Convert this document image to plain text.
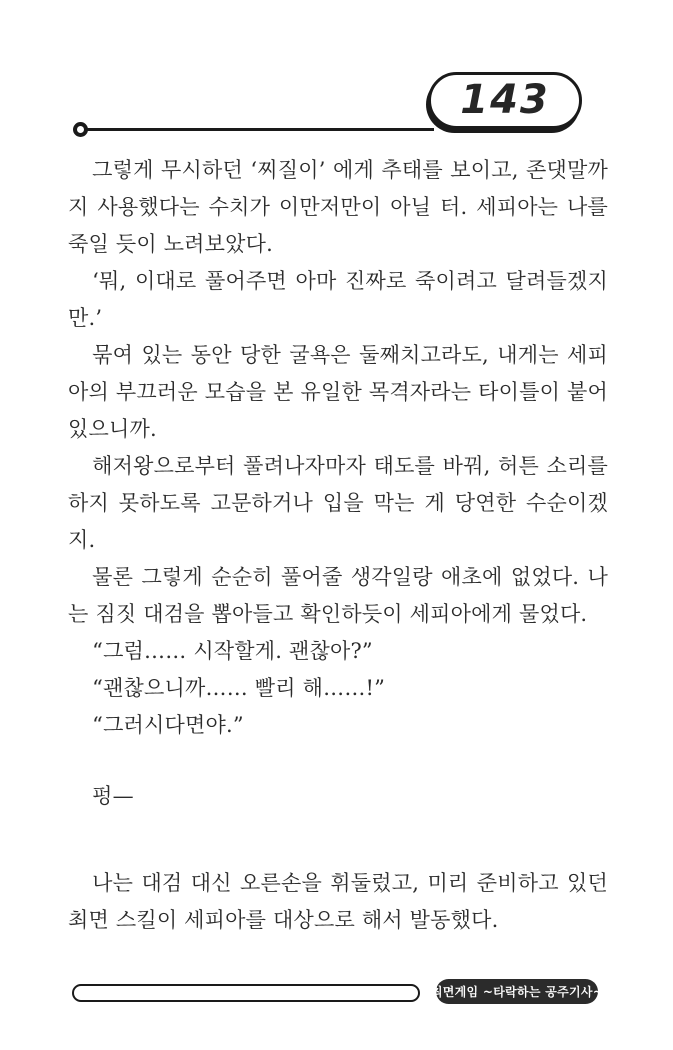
143

그렇게 무시하던 ‘찌질이’ 에게 추태를 보이고, 존댓말까지 사용했다는 수치가 이만저만이 아닐 터. 세피아는 나를 죽일 듯이 노려보았다.

‘뭐, 이대로 풀어주면 아마 진짜로 죽이려고 달려들겠지만.’

묶여 있는 동안 당한 굴욕은 둘째치고라도, 내게는 세피아의 부끄러운 모습을 본 유일한 목격자라는 타이틀이 붙어 있으니까.

해저왕으로부터 풀려나자마자 태도를 바꿔, 허튼 소리를 하지 못하도록 고문하거나 입을 막는 게 당연한 수순이겠지.

물론 그렇게 순순히 풀어줄 생각일랑 애초에 없었다. 나는 짐짓 대검을 뽑아들고 확인하듯이 세피아에게 물었다.

“그럼…… 시작할게. 괜찮아?”

“괜찮으니까…… 빨리 해……!”

“그러시다면야.”

펑—

나는 대검 대신 오른손을 휘둘렀고, 미리 준비하고 있던 최면 스킬이 세피아를 대상으로 해서 발동했다.

최면게임 ~타락하는 공주기사~
